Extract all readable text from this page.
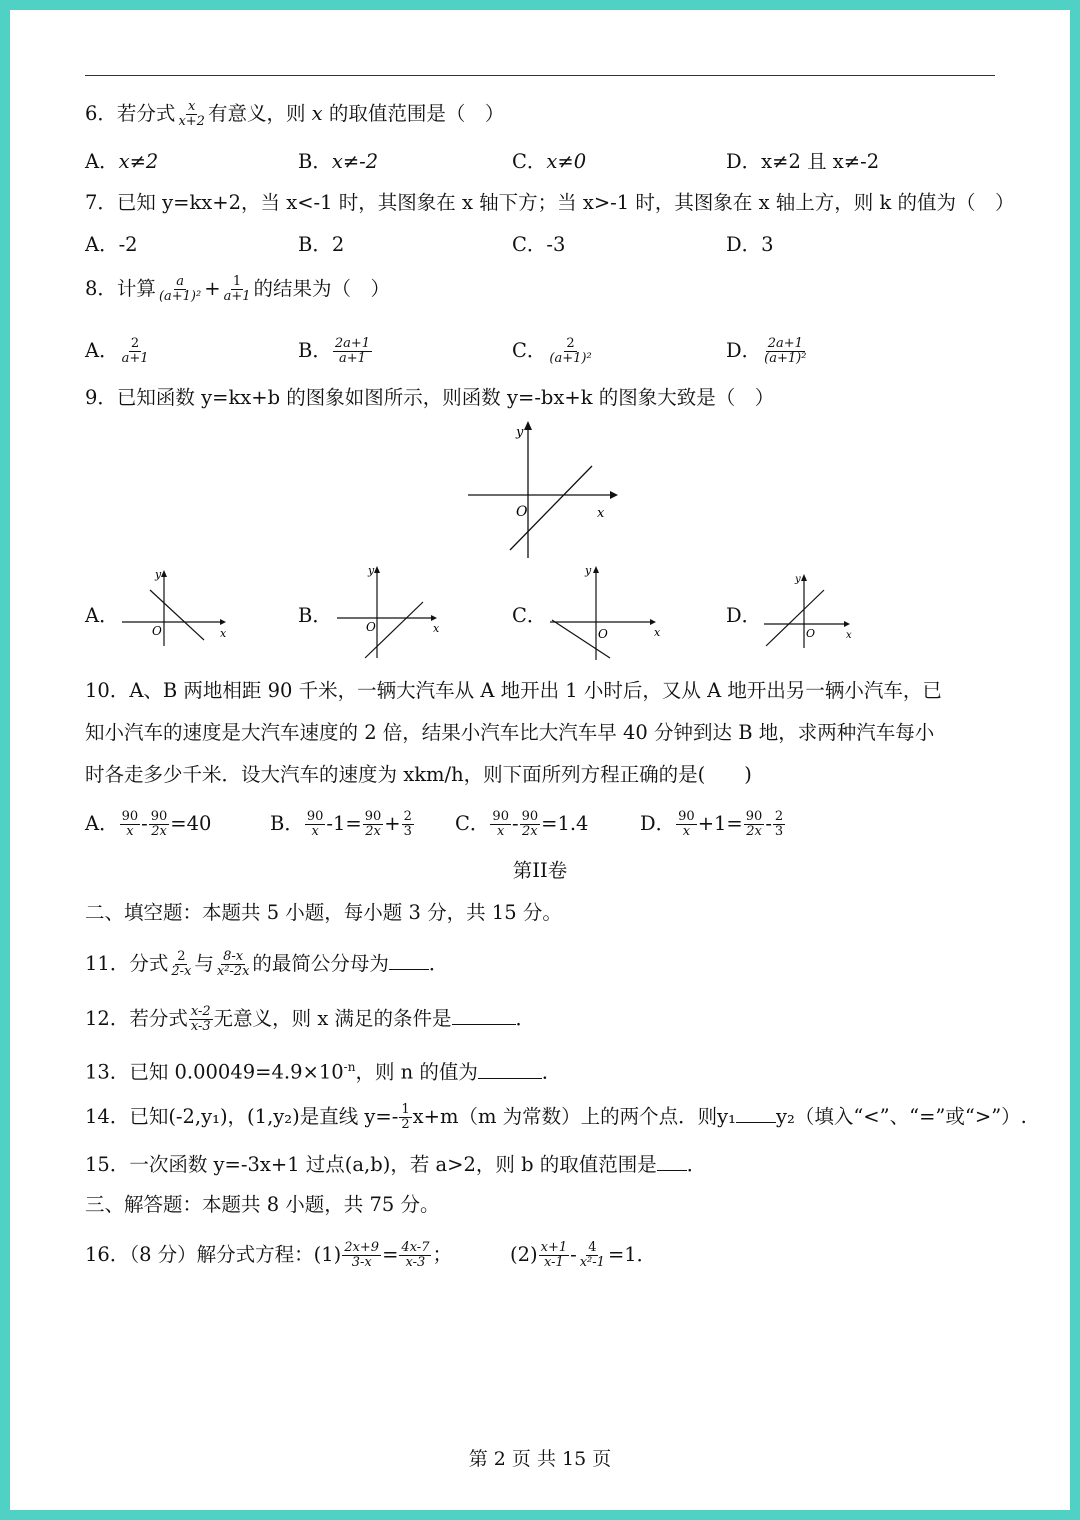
6．若分式 $\frac{x}{x+2}$ 有意义，则 x 的取值范围是（　）
A．x≠2	B．x≠-2	C．x≠0	D．x≠2 且 x≠-2
7．已知 y=kx+2，当 x<-1 时，其图象在 x 轴下方；当 x>-1 时，其图象在 x 轴上方，则 k 的值为（　）
A．-2	B．2	C．-3	D．3
8．计算 $\frac{a}{\text{(a+1)²}} + \frac{1}{a+1}$ 的结果为（　）
A． $\frac{2}{a+1}$	B． $\frac{2a+1}{a+1}$	C． $\frac{2}{\text{(a+1)²}}$	D． $\frac{2a+1}{\text{(a+1)²}}$
9．已知函数 y=kx+b 的图象如图所示，则函数 y=-bx+k 的图象大致是（　）
O	x
y
A．
O	x
y
B．	O	x
y
C．
O	x
y
D．
O	x
y
10．A、B 两地相距 90 千米，一辆大汽车从 A 地开出 1 小时后，又从 A 地开出另一辆小汽车，已
知小汽车的速度是大汽车速度的 2 倍，结果小汽车比大汽车早 40 分钟到达 B 地，求两种汽车每小
时各走多少千米．设大汽车的速度为 xkm/h，则下面所列方程正确的是(　　)
A． $\frac{90}{x} - \frac{90}{2x} =40$	B． $\frac{90}{x} -1= \frac{90}{2x} + \frac{2}{3}$ C． $\frac{90}{x} - \frac{90}{2x} =1.4$	D． $\frac{90}{x} +1= \frac{90}{2x} - \frac{2}{3}$
第II卷
二、填空题：本题共 5 小题，每小题 3 分，共 15 分。
11．分式 $\frac{2}{2-x}$ 与 $\frac{8-x}{\text{x²-2x}}$ 的最简公分母为 ．
12．若分式 $\frac{x-2}{x-3}$ 无意义，则 x 满足的条件是	．
13．已知 $0.00049=4.9\times 10^{-n}$，则 n 的值为	．
14．已知(-2,y₁)，(1,y₂)是直线 $y=- \frac{1}{2} x+m(m$ 为常数）上的两个点．则y₁ y₂（填入“<”、“=”或“>”）.
15．一次函数 y=-3x+1 过点(a,b)，若 a>2，则 b 的取值范围是 ．
三、解答题：本题共 8 小题，共 75 分。
16．（8 分）解分式方程：$(1) \frac{2x+9}{3-x} = \frac{4x-7}{x-3}$ ；	$(2) \frac{x+1}{x-1} - \frac{4}{\text{x²-1}} =1$．
第 2 页 共 15 页
